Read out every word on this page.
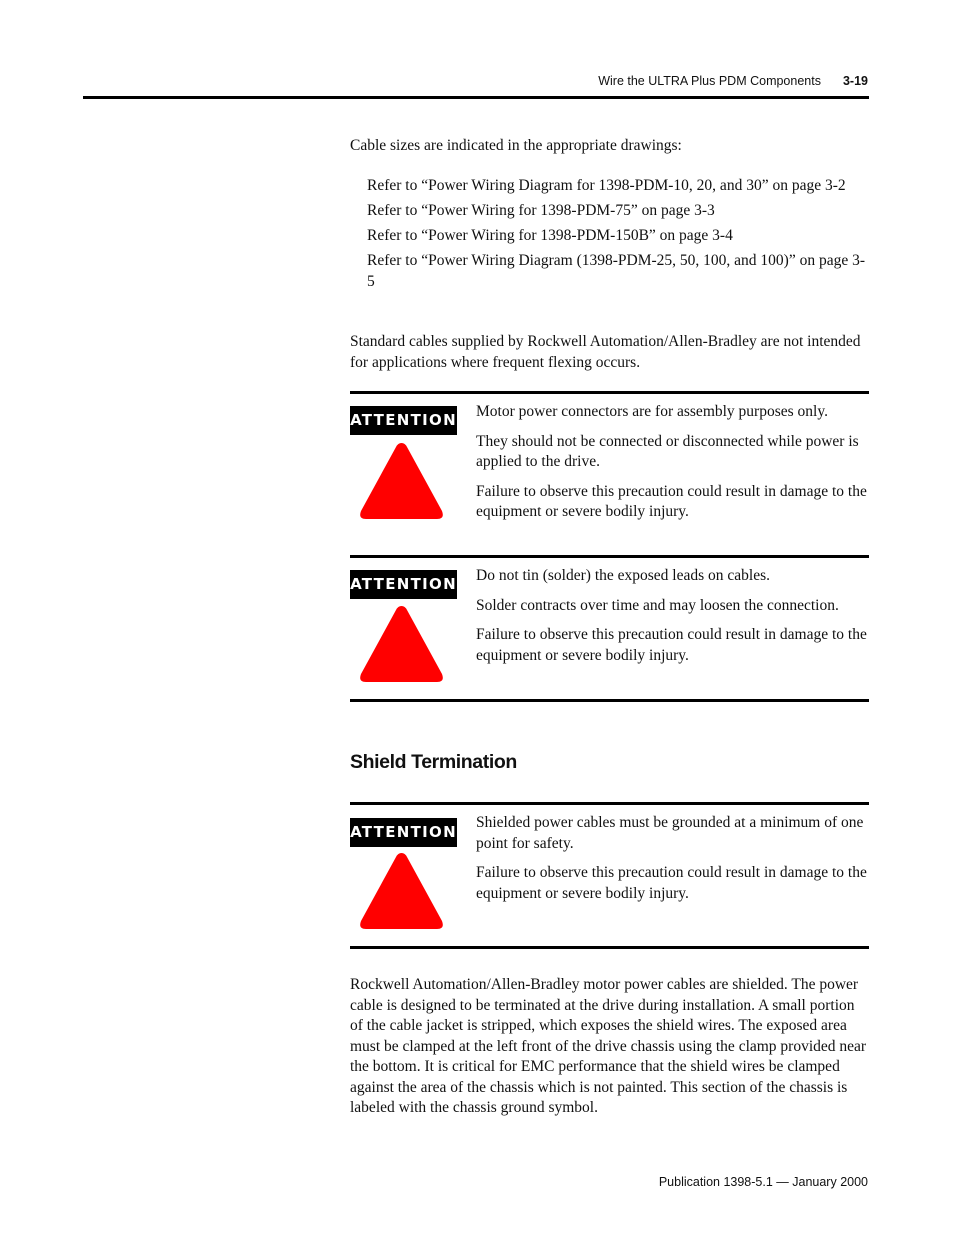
Wire the ULTRA Plus PDM Components 3-19
Cable sizes are indicated in the appropriate drawings:
Refer to “Power Wiring Diagram for 1398-PDM-10, 20, and 30” on page 3-2
Refer to “Power Wiring for 1398-PDM-75” on page 3-3
Refer to “Power Wiring for 1398-PDM-150B” on page 3-4
Refer to “Power Wiring Diagram (1398-PDM-25, 50, 100, and 100)” on page 3-5
Standard cables supplied by Rockwell Automation/Allen-Bradley are not intended for applications where frequent flexing occurs.
ATTENTION Motor power connectors are for assembly purposes only.
They should not be connected or disconnected while power is applied to the drive.
Failure to observe this precaution could result in damage to the equipment or severe bodily injury.
ATTENTION Do not tin (solder) the exposed leads on cables.
Solder contracts over time and may loosen the connection.
Failure to observe this precaution could result in damage to the equipment or severe bodily injury.
Shield Termination
ATTENTION
Shielded power cables must be grounded at a minimum of one point for safety.
Failure to observe this precaution could result in damage to the equipment or severe bodily injury.
Rockwell Automation/Allen-Bradley motor power cables are shielded. The power cable is designed to be terminated at the drive during installation. A small portion of the cable jacket is stripped, which exposes the shield wires. The exposed area must be clamped at the left front of the drive chassis using the clamp provided near the bottom. It is critical for EMC performance that the shield wires be clamped against the area of the chassis which is not painted. This section of the chassis is labeled with the chassis ground symbol.
Publication 1398-5.1 — January 2000
